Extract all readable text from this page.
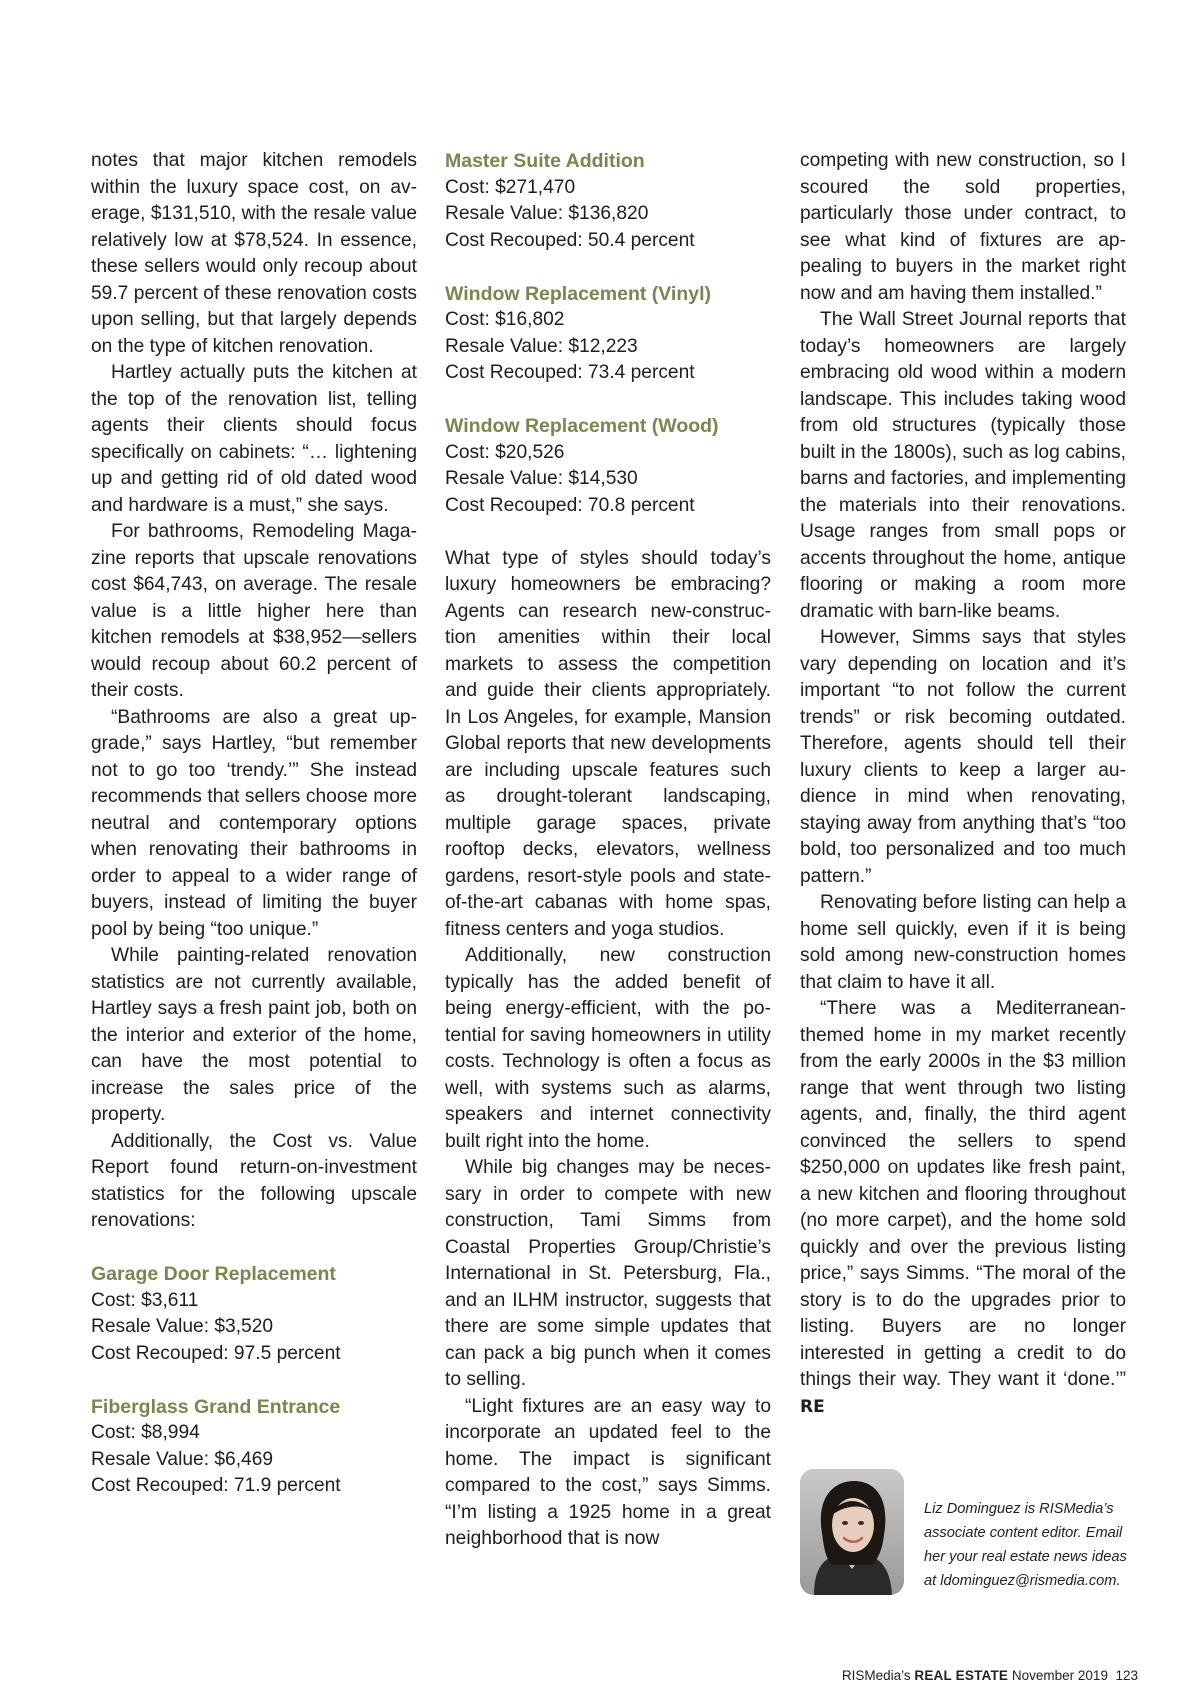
notes that major kitchen remodels within the luxury space cost, on average, $131,510, with the resale value relatively low at $78,524. In essence, these sellers would only recoup about 59.7 percent of these renovation costs upon selling, but that largely depends on the type of kitchen renovation.

Hartley actually puts the kitchen at the top of the renovation list, telling agents their clients should focus specifically on cabinets: “… lightening up and getting rid of old dated wood and hardware is a must,” she says.

For bathrooms, Remodeling Magazine reports that upscale renovations cost $64,743, on average. The resale value is a little higher here than kitchen remodels at $38,952—sellers would recoup about 60.2 percent of their costs.

“Bathrooms are also a great upgrade,” says Hartley, “but remember not to go too ‘trendy.’” She instead recommends that sellers choose more neutral and contemporary options when renovating their bathrooms in order to appeal to a wider range of buyers, instead of limiting the buyer pool by being “too unique.”

While painting-related renovation statistics are not currently available, Hartley says a fresh paint job, both on the interior and exterior of the home, can have the most potential to increase the sales price of the property.

Additionally, the Cost vs. Value Report found return-on-investment statistics for the following upscale renovations:

Garage Door Replacement
Cost: $3,611
Resale Value: $3,520
Cost Recouped: 97.5 percent
Fiberglass Grand Entrance
Cost: $8,994
Resale Value: $6,469
Cost Recouped: 71.9 percent
Master Suite Addition
Cost: $271,470
Resale Value: $136,820
Cost Recouped: 50.4 percent
Window Replacement (Vinyl)
Cost: $16,802
Resale Value: $12,223
Cost Recouped: 73.4 percent
Window Replacement (Wood)
Cost: $20,526
Resale Value: $14,530
Cost Recouped: 70.8 percent

What type of styles should today’s luxury homeowners be embracing? Agents can research new-construction amenities within their local markets to assess the competition and guide their clients appropriately. In Los Angeles, for example, Mansion Global reports that new developments are including upscale features such as drought-tolerant landscaping, multiple garage spaces, private rooftop decks, elevators, wellness gardens, resort-style pools and state-of-the-art cabanas with home spas, fitness centers and yoga studios.

Additionally, new construction typically has the added benefit of being energy-efficient, with the potential for saving homeowners in utility costs. Technology is often a focus as well, with systems such as alarms, speakers and internet connectivity built right into the home.

While big changes may be necessary in order to compete with new construction, Tami Simms from Coastal Properties Group/Christie’s International in St. Petersburg, Fla., and an ILHM instructor, suggests that there are some simple updates that can pack a big punch when it comes to selling.

“Light fixtures are an easy way to incorporate an updated feel to the home. The impact is significant compared to the cost,” says Simms. “I’m listing a 1925 home in a great neighborhood that is now

competing with new construction, so I scoured the sold properties, particularly those under contract, to see what kind of fixtures are appealing to buyers in the market right now and am having them installed.”

The Wall Street Journal reports that today’s homeowners are largely embracing old wood within a modern landscape. This includes taking wood from old structures (typically those built in the 1800s), such as log cabins, barns and factories, and implementing the materials into their renovations. Usage ranges from small pops or accents throughout the home, antique flooring or making a room more dramatic with barn-like beams.

However, Simms says that styles vary depending on location and it’s important “to not follow the current trends” or risk becoming outdated. Therefore, agents should tell their luxury clients to keep a larger audience in mind when renovating, staying away from anything that’s “too bold, too personalized and too much pattern.”

Renovating before listing can help a home sell quickly, even if it is being sold among new-construction homes that claim to have it all.

“There was a Mediterranean-themed home in my market recently from the early 2000s in the $3 million range that went through two listing agents, and, finally, the third agent convinced the sellers to spend $250,000 on updates like fresh paint, a new kitchen and flooring throughout (no more carpet), and the home sold quickly and over the previous listing price,” says Simms. “The moral of the story is to do the upgrades prior to listing. Buyers are no longer interested in getting a credit to do things their way. They want it ‘done.’” RE

Liz Dominguez is RISMedia’s associate content editor. Email her your real estate news ideas at ldominguez@rismedia.com.
RISMedia’s REAL ESTATE November 2019 123
